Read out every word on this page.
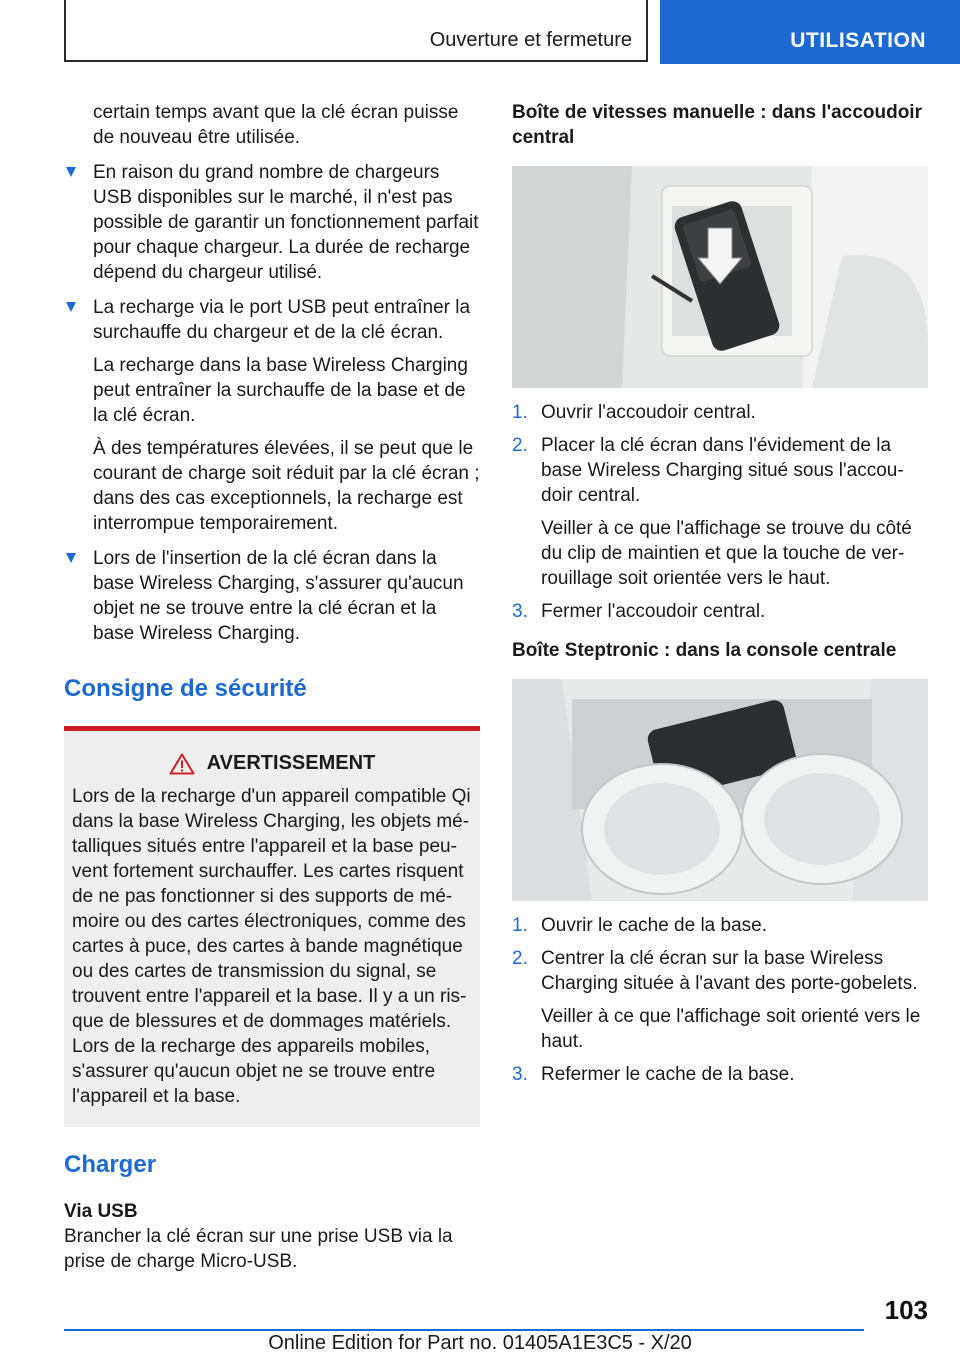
Ouverture et fermeture	UTILISATION

certain temps avant que la clé écran puisse de nouveau être utilisée.

En raison du grand nombre de chargeurs USB disponibles sur le marché, il n'est pas possible de garantir un fonctionnement parfait pour chaque chargeur. La durée de recharge dépend du chargeur utilisé.

La recharge via le port USB peut entraîner la surchauffe du chargeur et de la clé écran.

La recharge dans la base Wireless Charging peut entraîner la surchauffe de la base et de la clé écran.

À des températures élevées, il se peut que le courant de charge soit réduit par la clé écran ; dans des cas exceptionnels, la recharge est interrompue temporairement.

Lors de l'insertion de la clé écran dans la base Wireless Charging, s'assurer qu'aucun objet ne se trouve entre la clé écran et la base Wireless Charging.

Consigne de sécurité
AVERTISSEMENT

Lors de la recharge d'un appareil compatible Qi dans la base Wireless Charging, les objets métalliques situés entre l'appareil et la base peuvent fortement surchauffer. Les cartes risquent de ne pas fonctionner si des supports de mémoire ou des cartes électroniques, comme des cartes à puce, des cartes à bande magnétique ou des cartes de transmission du signal, se trouvent entre l'appareil et la base. Il y a un risque de blessures et de dommages matériels. Lors de la recharge des appareils mobiles, s'assurer qu'aucun objet ne se trouve entre l'appareil et la base.

Charger
Via USB

Brancher la clé écran sur une prise USB via la prise de charge Micro-USB.

Boîte de vitesses manuelle : dans l'accoudoir central
1. Ouvrir l'accoudoir central.

2. Placer la clé écran dans l'évidement de la base Wireless Charging situé sous l'accoudoir central.

Veiller à ce que l'affichage se trouve du côté du clip de maintien et que la touche de verrouillage soit orientée vers le haut.

3. Fermer l'accoudoir central.

Boîte Steptronic : dans la console centrale
1. Ouvrir le cache de la base.

2. Centrer la clé écran sur la base Wireless Charging située à l'avant des porte-gobelets.

Veiller à ce que l'affichage soit orienté vers le haut.

3. Refermer le cache de la base.

103
Online Edition for Part no. 01405A1E3C5 - X/20
